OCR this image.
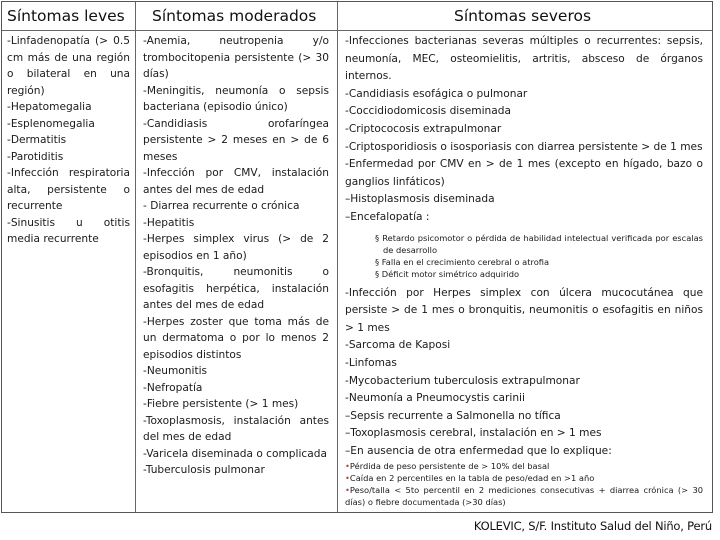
Síntomas leves Síntomas moderados	Síntomas severos

-Linfadenopatía (> 0.5 cm más de una región o bilateral en una región)

-Hepatomegalia

-Esplenomegalia

-Dermatitis

-Parotiditis

-Infección respiratoria alta, persistente o recurrente

-Sinusitis u otitis media recurrente

-Anemia, neutropenia y/o trombocitopenia persistente (> 30 días)

-Meningitis, neumonía o sepsis bacteriana (episodio único)

-Candidiasis orofaríngea persistente > 2 meses en > de 6 meses

-Infección por CMV, instalación antes del mes de edad

- Diarrea recurrente o crónica

-Hepatitis

-Herpes simplex virus (> de 2 episodios en 1 año)

-Bronquitis, neumonitis o esofagitis herpética, instalación antes del mes de edad

-Herpes zoster que toma más de un dermatoma o por lo menos 2 episodios distintos

-Neumonitis

-Nefropatía

-Fiebre persistente (> 1 mes)

-Toxoplasmosis, instalación antes del mes de edad

-Varicela diseminada o complicada

-Tuberculosis pulmonar

-Infecciones bacterianas severas múltiples o recurrentes: sepsis, neumonía, MEC, osteomielitis, artritis, absceso de órganos internos.

-Candidiasis esofágica o pulmonar

-Coccidiodomicosis diseminada

-Criptococosis extrapulmonar

-Criptosporidiosis o isosporiasis con diarrea persistente > de 1 mes

-Enfermedad por CMV en > de 1 mes (excepto en hígado, bazo o ganglios linfáticos)

–Histoplasmosis diseminada

–Encefalopatía :

§ Retardo psicomotor o pérdida de habilidad intelectual verificada por escalas de desarrollo

§ Falla en el crecimiento cerebral o atrofia

§ Déficit motor simétrico adquirido

-Infección por Herpes simplex con úlcera mucocutánea que persiste > de 1 mes o bronquitis, neumonitis o esofagitis en niños > 1 mes

-Sarcoma de Kaposi

-Linfomas

-Mycobacterium tuberculosis extrapulmonar

-Neumonía a Pneumocystis carinii

–Sepsis recurrente a Salmonella no tífica

–Toxoplasmosis cerebral, instalación en > 1 mes

–En ausencia de otra enfermedad que lo explique:

•Pérdida de peso persistente de > 10% del basal

•Caída en 2 percentiles en la tabla de peso/edad en >1 año

•Peso/talla < 5to percentil en 2 mediciones consecutivas + diarrea crónica (> 30 días) o fiebre documentada (>30 días)

KOLEVIC, S/F. Instituto Salud del Niño, Perú
